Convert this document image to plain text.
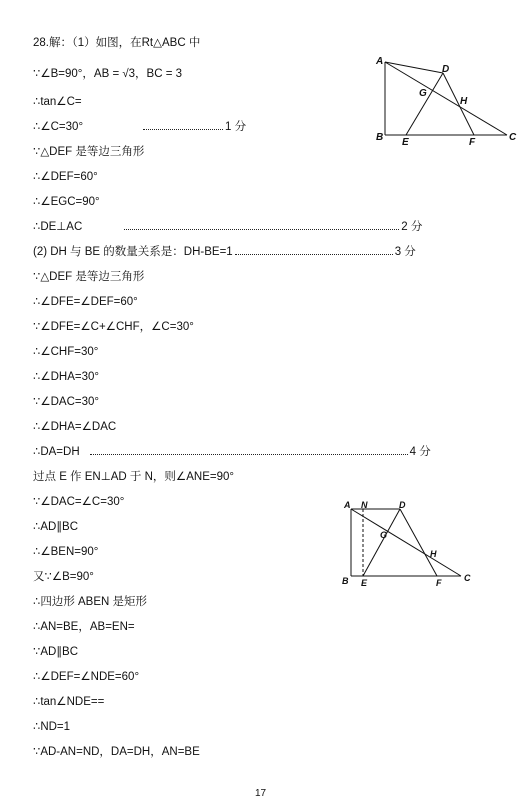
28.解：（1）如图，在Rt△ABC 中
∵∠B=90°，AB = √3，BC = 3
∴tan∠C=
∴∠C=30°	1 分
∵△DEF 是等边三角形
∴∠DEF=60°
∴∠EGC=90°
∴DE⊥AC	2 分
(2) DH 与 BE 的数量关系是：DH-BE=1	3 分
∵△DEF 是等边三角形
∴∠DFE=∠DEF=60°
∵∠DFE=∠C+∠CHF，∠C=30°
∴∠CHF=30°
∴∠DHA=30°
∵∠DAC=30°
∴∠DHA=∠DAC
∴DA=DH	4 分
过点 E 作 EN⊥AD 于 N，则∠ANE=90°
∵∠DAC=∠C=30°
∴AD∥BC
∴∠BEN=90°
又∵∠B=90°
∴四边形 ABEN 是矩形
∴AN=BE，AB=EN=
∵AD∥BC
∴∠DEF=∠NDE=60°
∴tan∠NDE==
∴ND=1
∵AD-AN=ND，DA=DH，AN=BE
A
B	C
D
E	F
G
H
A N	D
B E	F	C
G
H
17
